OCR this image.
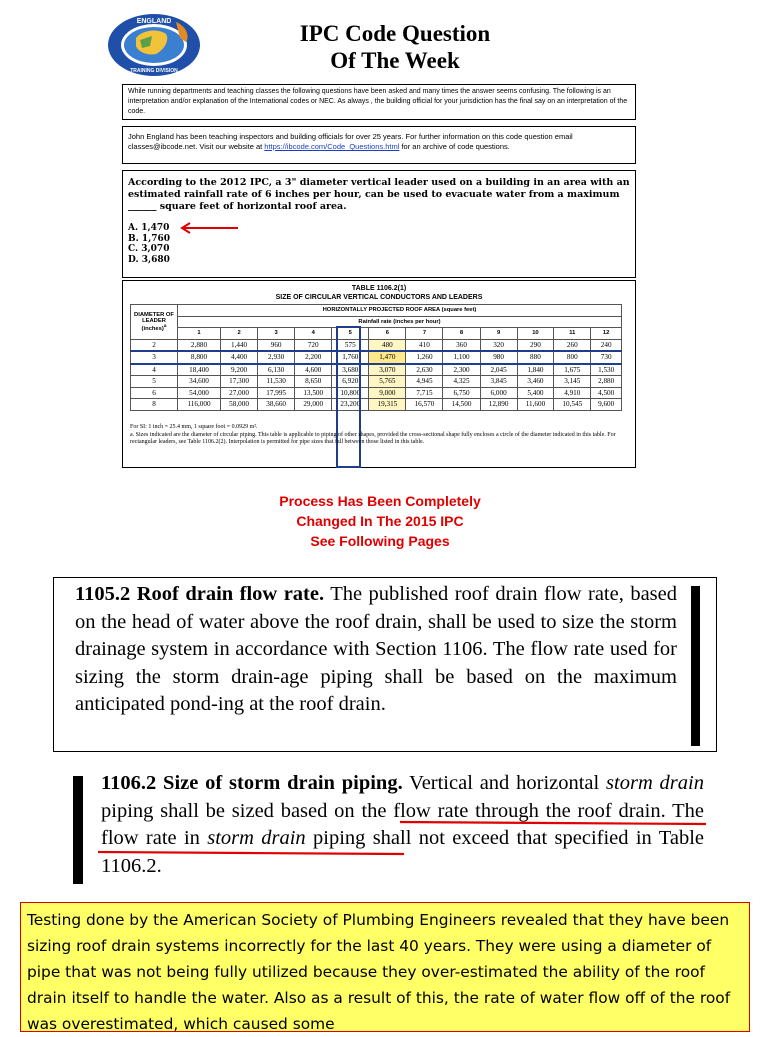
ENGLAND
TRAINING DIVISION
IPC Code Question
Of The Week
While running departments and teaching classes the following questions have been asked and many times the answer seems confusing. The following is an interpretation and/or explanation of the International codes or NEC. As always , the building official for your jurisdiction has the final say on an interpretation of the code.
John England has been teaching inspectors and building officials for over 25 years. For further information on this code question email classes@ibcode.net. Visit our website at https://ibcode.com/Code_Questions.html for an archive of code questions.
According to the 2012 IPC, a 3" diameter vertical leader used on a building in an area with an estimated rainfall rate of 6 inches per hour, can be used to evacuate water from a maximum ______ square feet of horizontal roof area.
A. 1,470
B. 1,760
C. 3,070
D. 3,680
TABLE 1106.2(1)
SIZE OF CIRCULAR VERTICAL CONDUCTORS AND LEADERS
DIAMETER OF LEADER (inches)$^a$	HORIZONTALLY PROJECTED ROOF AREA (square feet)											
	Rainfall rate (inches per hour)											
	1	2	3	4	5	6	7	8	9	10	11	12
2	2,880	1,440	960	720	575	480	410	360	320	290	260	240
3	8,800	4,400	2,930	2,200	1,760	1,470	1,260	1,100	980	880	800	730
4	18,400	9,200	6,130	4,600	3,680	3,070	2,630	2,300	2,045	1,840	1,675	1,530
5	34,600	17,300	11,530	8,650	6,920	5,765	4,945	4,325	3,845	3,460	3,145	2,880
6	54,000	27,000	17,995	13,500	10,800	9,000	7,715	6,750	6,000	5,400	4,910	4,500
8	116,000	58,000	38,660	29,000	23,200	19,315	16,570	14,500	12,890	11,600	10,545	9,600
For SI: 1 inch = 25.4 mm, 1 square foot = 0.0929 m².
a. Sizes indicated are the diameter of circular piping. This table is applicable to piping of other shapes, provided the cross-sectional shape fully encloses a circle of the diameter indicated in this table. For rectangular leaders, see Table 1106.2(2). Interpolation is permitted for pipe sizes that fall between those listed in this table.
Process Has Been Completely
Changed In The 2015 IPC
See Following Pages
1105.2 Roof drain flow rate. The published roof drain flow rate, based on the head of water above the roof drain, shall be used to size the storm drainage system in accordance with Section 1106. The flow rate used for sizing the storm drain-age piping shall be based on the maximum anticipated pond-ing at the roof drain.
1106.2 Size of storm drain piping. Vertical and horizontal storm drain piping shall be sized based on the flow rate through the roof drain. The flow rate in storm drain piping shall not exceed that specified in Table 1106.2.
Testing done by the American Society of Plumbing Engineers revealed that they have been sizing roof drain systems incorrectly for the last 40 years. They were using a diameter of pipe that was not being fully utilized because they over-estimated the ability of the roof drain itself to handle the water. Also as a result of this, the rate of water flow off of the roof was overestimated, which caused some
